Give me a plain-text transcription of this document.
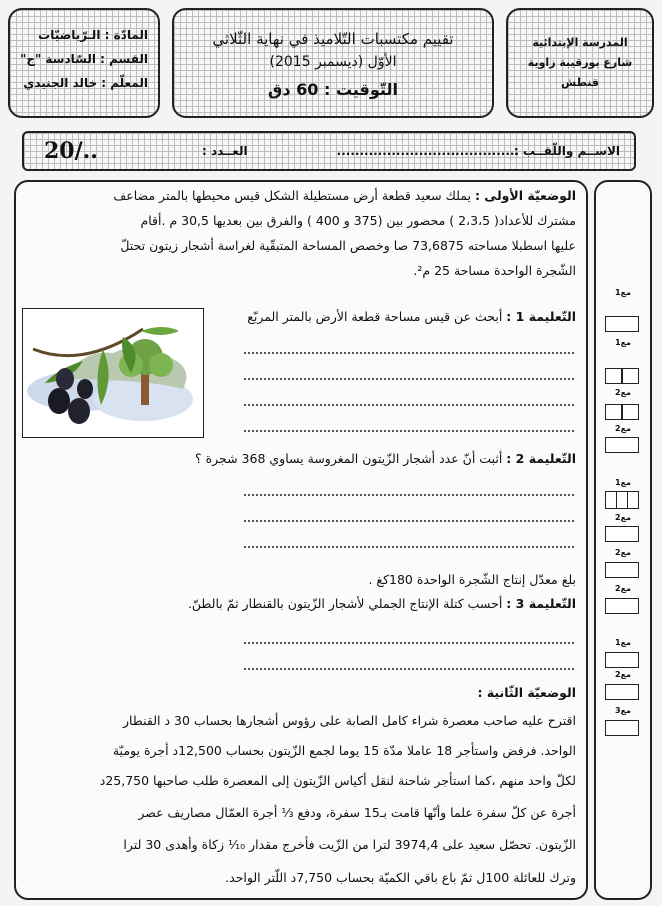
المادّة : الـرّياضيّات
القسم : السّادسة "ج"
المعلّم : خالد الجنيدي
تقييم مكتسبات التّلاميذ في نهاية الثّلاثي
الأوّل (ديسمبر 2015)
التّوقيت : 60 دق
المدرسة الإبتدائية
شارع بورقيبة زاوية
قنطش
الاســم واللّقــب :
........................................
العــدد :
20/..
الوضعيّة الأولى : يملك سعيد قطعة أرض مستطيلة الشكل قيس محيطها بالمتر مضاعف
مشترك للأعداد( 2،3،5 ) محصور بين (375 و 400 ) والفرق بين بعديها 30,5 م .أقام
عليها اسطبلا مساحته 73,6875 صا وخصص المساحة المتبقّية لغراسة أشجار زيتون تحتلّ
الشّجرة الواحدة مساحة 25 م².
التّعليمة 1 : أبحث عن قيس مساحة قطعة الأرض بالمتر المربّع
التّعليمة 2 : أثبت أنّ عدد أشجار الزّيتون المغروسة يساوي 368 شجرة ؟
بلغ معدّل إنتاج الشّجرة الواحدة 180كغ .
التّعليمة 3 : أحسب كتلة الإنتاج الجملي لأشجار الزّيتون بالقنطار ثمّ بالطنّ.
الوضعيّة الثّانية :
اقترح عليه صاحب معصرة شراء كامل الصابة على رؤوس أشجارها بحساب 30 د القنطار
الواحد. فرفض واستأجر 18 عاملا مدّة 15 يوما لجمع الزّيتون بحساب 12,500د أجرة يوميّة
لكلّ واحد منهم ،كما استأجر شاحنة لنقل أكياس الزّيتون إلى المعصرة طلب صاحبها 25,750د
أجرة عن كلّ سفرة علما وأنّها قامت بـ15 سفرة، ودفع ⅓ أجرة العمّال مصاريف عصر
الزّيتون. تحصّل سعيد على 3974,4 لترا من الزّيت فأخرج مقدار ¹⁄₁₀ زكاة وأهدى 30 لترا
وترك للعائلة 100ل ثمّ باع باقي الكميّة بحساب 7,750د اللّتر الواحد.
مع1
مع1
مع2
مع2
مع1
مع2
مع2
مع2
مع1
مع2
مع3
